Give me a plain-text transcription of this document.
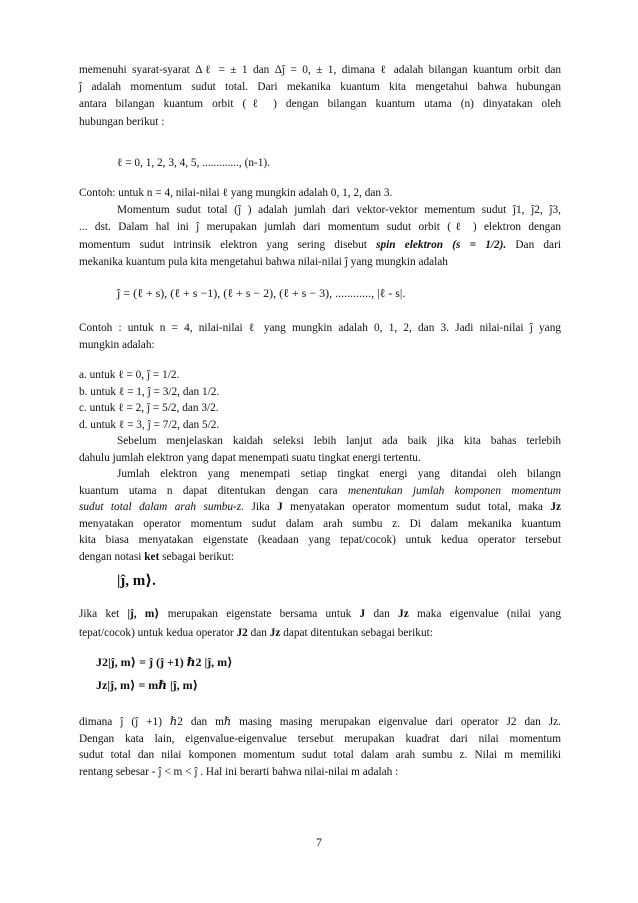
memenuhi syarat-syarat Δℓ = ± 1 dan Δĵ = 0, ± 1, dimana ℓ adalah bilangan kuantum orbit dan
ĵ adalah momentum sudut total. Dari mekanika kuantum kita mengetahui bahwa hubungan
antara bilangan kuantum orbit (ℓ ) dengan bilangan kuantum utama (n) dinyatakan oleh
hubungan berikut :
ℓ = 0, 1, 2, 3, 4, 5, ............., (n-1).
Contoh: untuk n = 4, nilai-nilai ℓ yang mungkin adalah 0, 1, 2, dan 3.
Momentum sudut total (ĵ ) adalah jumlah dari vektor-vektor mementum sudut ĵ1, ĵ2, ĵ3,
... dst. Dalam hal ini ĵ merupakan jumlah dari momentum sudut orbit (ℓ ) elektron dengan
momentum sudut intrinsik elektron yang sering disebut spin elektron (s = 1/2). Dan dari
mekanika kuantum pula kita mengetahui bahwa nilai-nilai ĵ yang mungkin adalah
ĵ = (ℓ + s), (ℓ + s −1), (ℓ + s − 2), (ℓ + s − 3), ............, |ℓ - s|.
Contoh : untuk n = 4, nilai-nilai ℓ yang mungkin adalah 0, 1, 2, dan 3. Jadi nilai-nilai ĵ yang
mungkin adalah:
a. untuk ℓ = 0, ĵ = 1/2.
b. untuk ℓ = 1, ĵ = 3/2, dan 1/2.
c. untuk ℓ = 2, ĵ = 5/2, dan 3/2.
d. untuk ℓ = 3, ĵ = 7/2, dan 5/2.
Sebelum menjelaskan kaidah seleksi lebih lanjut ada baik jika kita bahas terlebih
dahulu jumlah elektron yang dapat menempati suatu tingkat energi tertentu.
Jumlah elektron yang menempati setiap tingkat energi yang ditandai oleh bilangn
kuantum utama n dapat ditentukan dengan cara menentukan jumlah komponen momentum
sudut total dalam arah sumbu-z. Jika J menyatakan operator momentum sudut total, maka Jz
menyatakan operator momentum sudut dalam arah sumbu z. Di dalam mekanika kuantum
kita biasa menyatakan eigenstate (keadaan yang tepat/cocok) untuk kedua operator tersebut
dengan notasi ket sebagai berikut:
|ĵ, m⟩.
Jika ket |ĵ, m⟩ merupakan eigenstate bersama untuk J dan Jz maka eigenvalue (nilai yang
tepat/cocok) untuk kedua operator J2 dan Jz dapat ditentukan sebagai berikut:
J2|ĵ, m⟩ = ĵ (ĵ +1) ℏ2 |ĵ, m⟩
Jz|ĵ, m⟩ = mℏ |ĵ, m⟩
dimana ĵ (ĵ +1) ℏ2 dan mℏ masing masing merupakan eigenvalue dari operator J2 dan Jz.
Dengan kata lain, eigenvalue-eigenvalue tersebut merupakan kuadrat dari nilai momentum
sudut total dan nilai komponen momentum sudut total dalam arah sumbu z. Nilai m memiliki
rentang sebesar - ĵ < m < ĵ . Hal ini berarti bahwa nilai-nilai m adalah :
7
